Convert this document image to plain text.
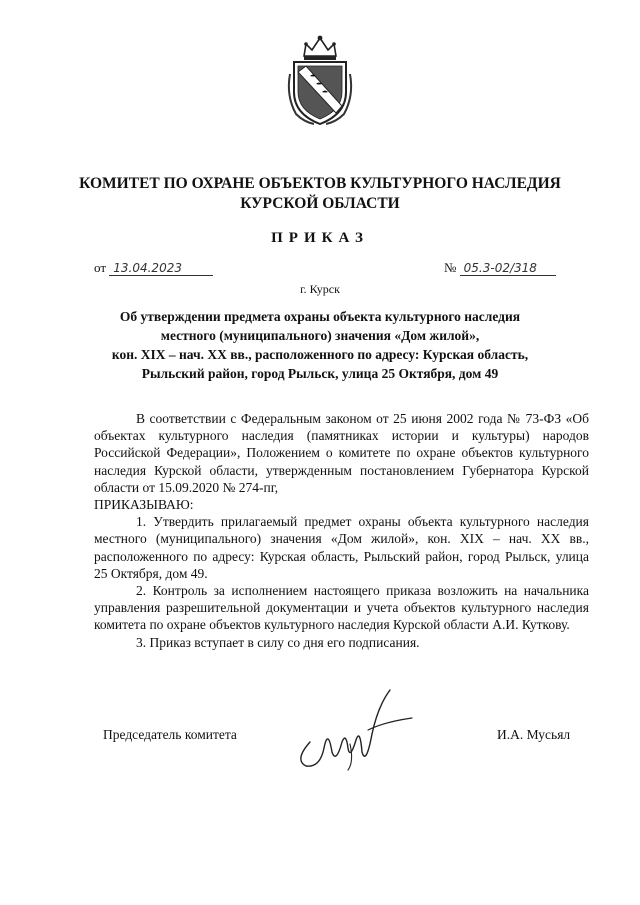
КОМИТЕТ ПО ОХРАНЕ ОБЪЕКТОВ КУЛЬТУРНОГО НАСЛЕДИЯ
КУРСКОЙ ОБЛАСТИ
ПРИКАЗ
от 13.04.2023	№ 05.3-02/318
г. Курск
Об утверждении предмета охраны объекта культурного наследия
местного (муниципального) значения «Дом жилой»,
кон. XIX – нач. XX вв., расположенного по адресу: Курская область,
Рыльский район, город Рыльск, улица 25 Октября, дом 49

В соответствии с Федеральным законом от 25 июня 2002 года № 73-ФЗ «Об объектах культурного наследия (памятниках истории и культуры) народов Российской Федерации», Положением о комитете по охране объектов культурного наследия Курской области, утвержденным постановлением Губернатора Курской области от 15.09.2020 № 274-пг,

ПРИКАЗЫВАЮ:

1. Утвердить прилагаемый предмет охраны объекта культурного наследия местного (муниципального) значения «Дом жилой», кон. XIX – нач. XX вв., расположенного по адресу: Курская область, Рыльский район, город Рыльск, улица 25 Октября, дом 49.

2. Контроль за исполнением настоящего приказа возложить на начальника управления разрешительной документации и учета объектов культурного наследия комитета по охране объектов культурного наследия Курской области А.И. Куткову.

3. Приказ вступает в силу со дня его подписания.

Председатель комитета	И.А. Мусьял
